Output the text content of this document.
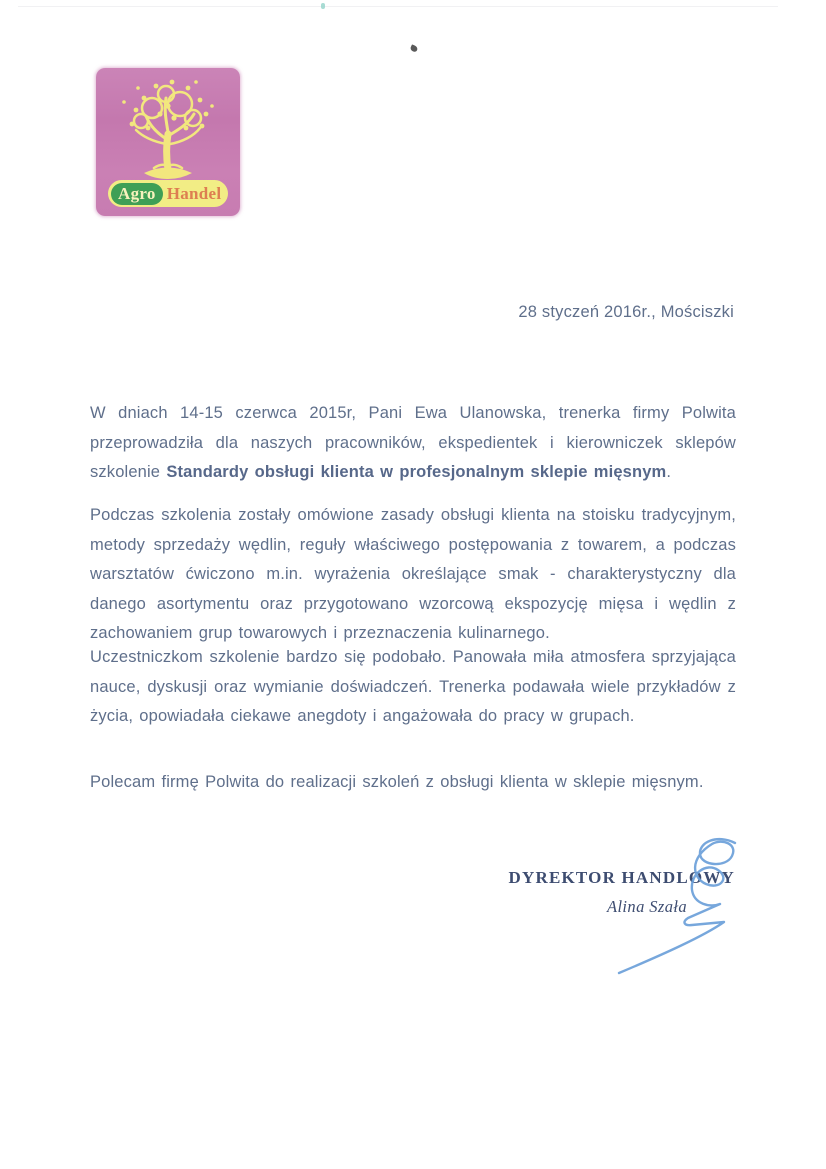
Agro Handel
28 styczeń 2016r., Mościszki

W dniach 14-15 czerwca 2015r, Pani Ewa Ulanowska, trenerka firmy Polwita przeprowadziła dla naszych pracowników, ekspedientek i kierowniczek sklepów szkolenie Standardy obsługi klienta w profesjonalnym sklepie mięsnym.

Podczas szkolenia zostały omówione zasady obsługi klienta na stoisku tradycyjnym, metody sprzedaży wędlin, reguły właściwego postępowania z towarem, a podczas warsztatów ćwiczono m.in. wyrażenia określające smak - charakterystyczny dla danego asortymentu oraz przygotowano wzorcową ekspozycję mięsa i wędlin z zachowaniem grup towarowych i przeznaczenia kulinarnego.

Uczestniczkom szkolenie bardzo się podobało. Panowała miła atmosfera sprzyjająca nauce, dyskusji oraz wymianie doświadczeń. Trenerka podawała wiele przykładów z życia, opowiadała ciekawe anegdoty i angażowała do pracy w grupach.

Polecam firmę Polwita do realizacji szkoleń z obsługi klienta w sklepie mięsnym.

DYREKTOR HANDLOWY
Alina Szała
